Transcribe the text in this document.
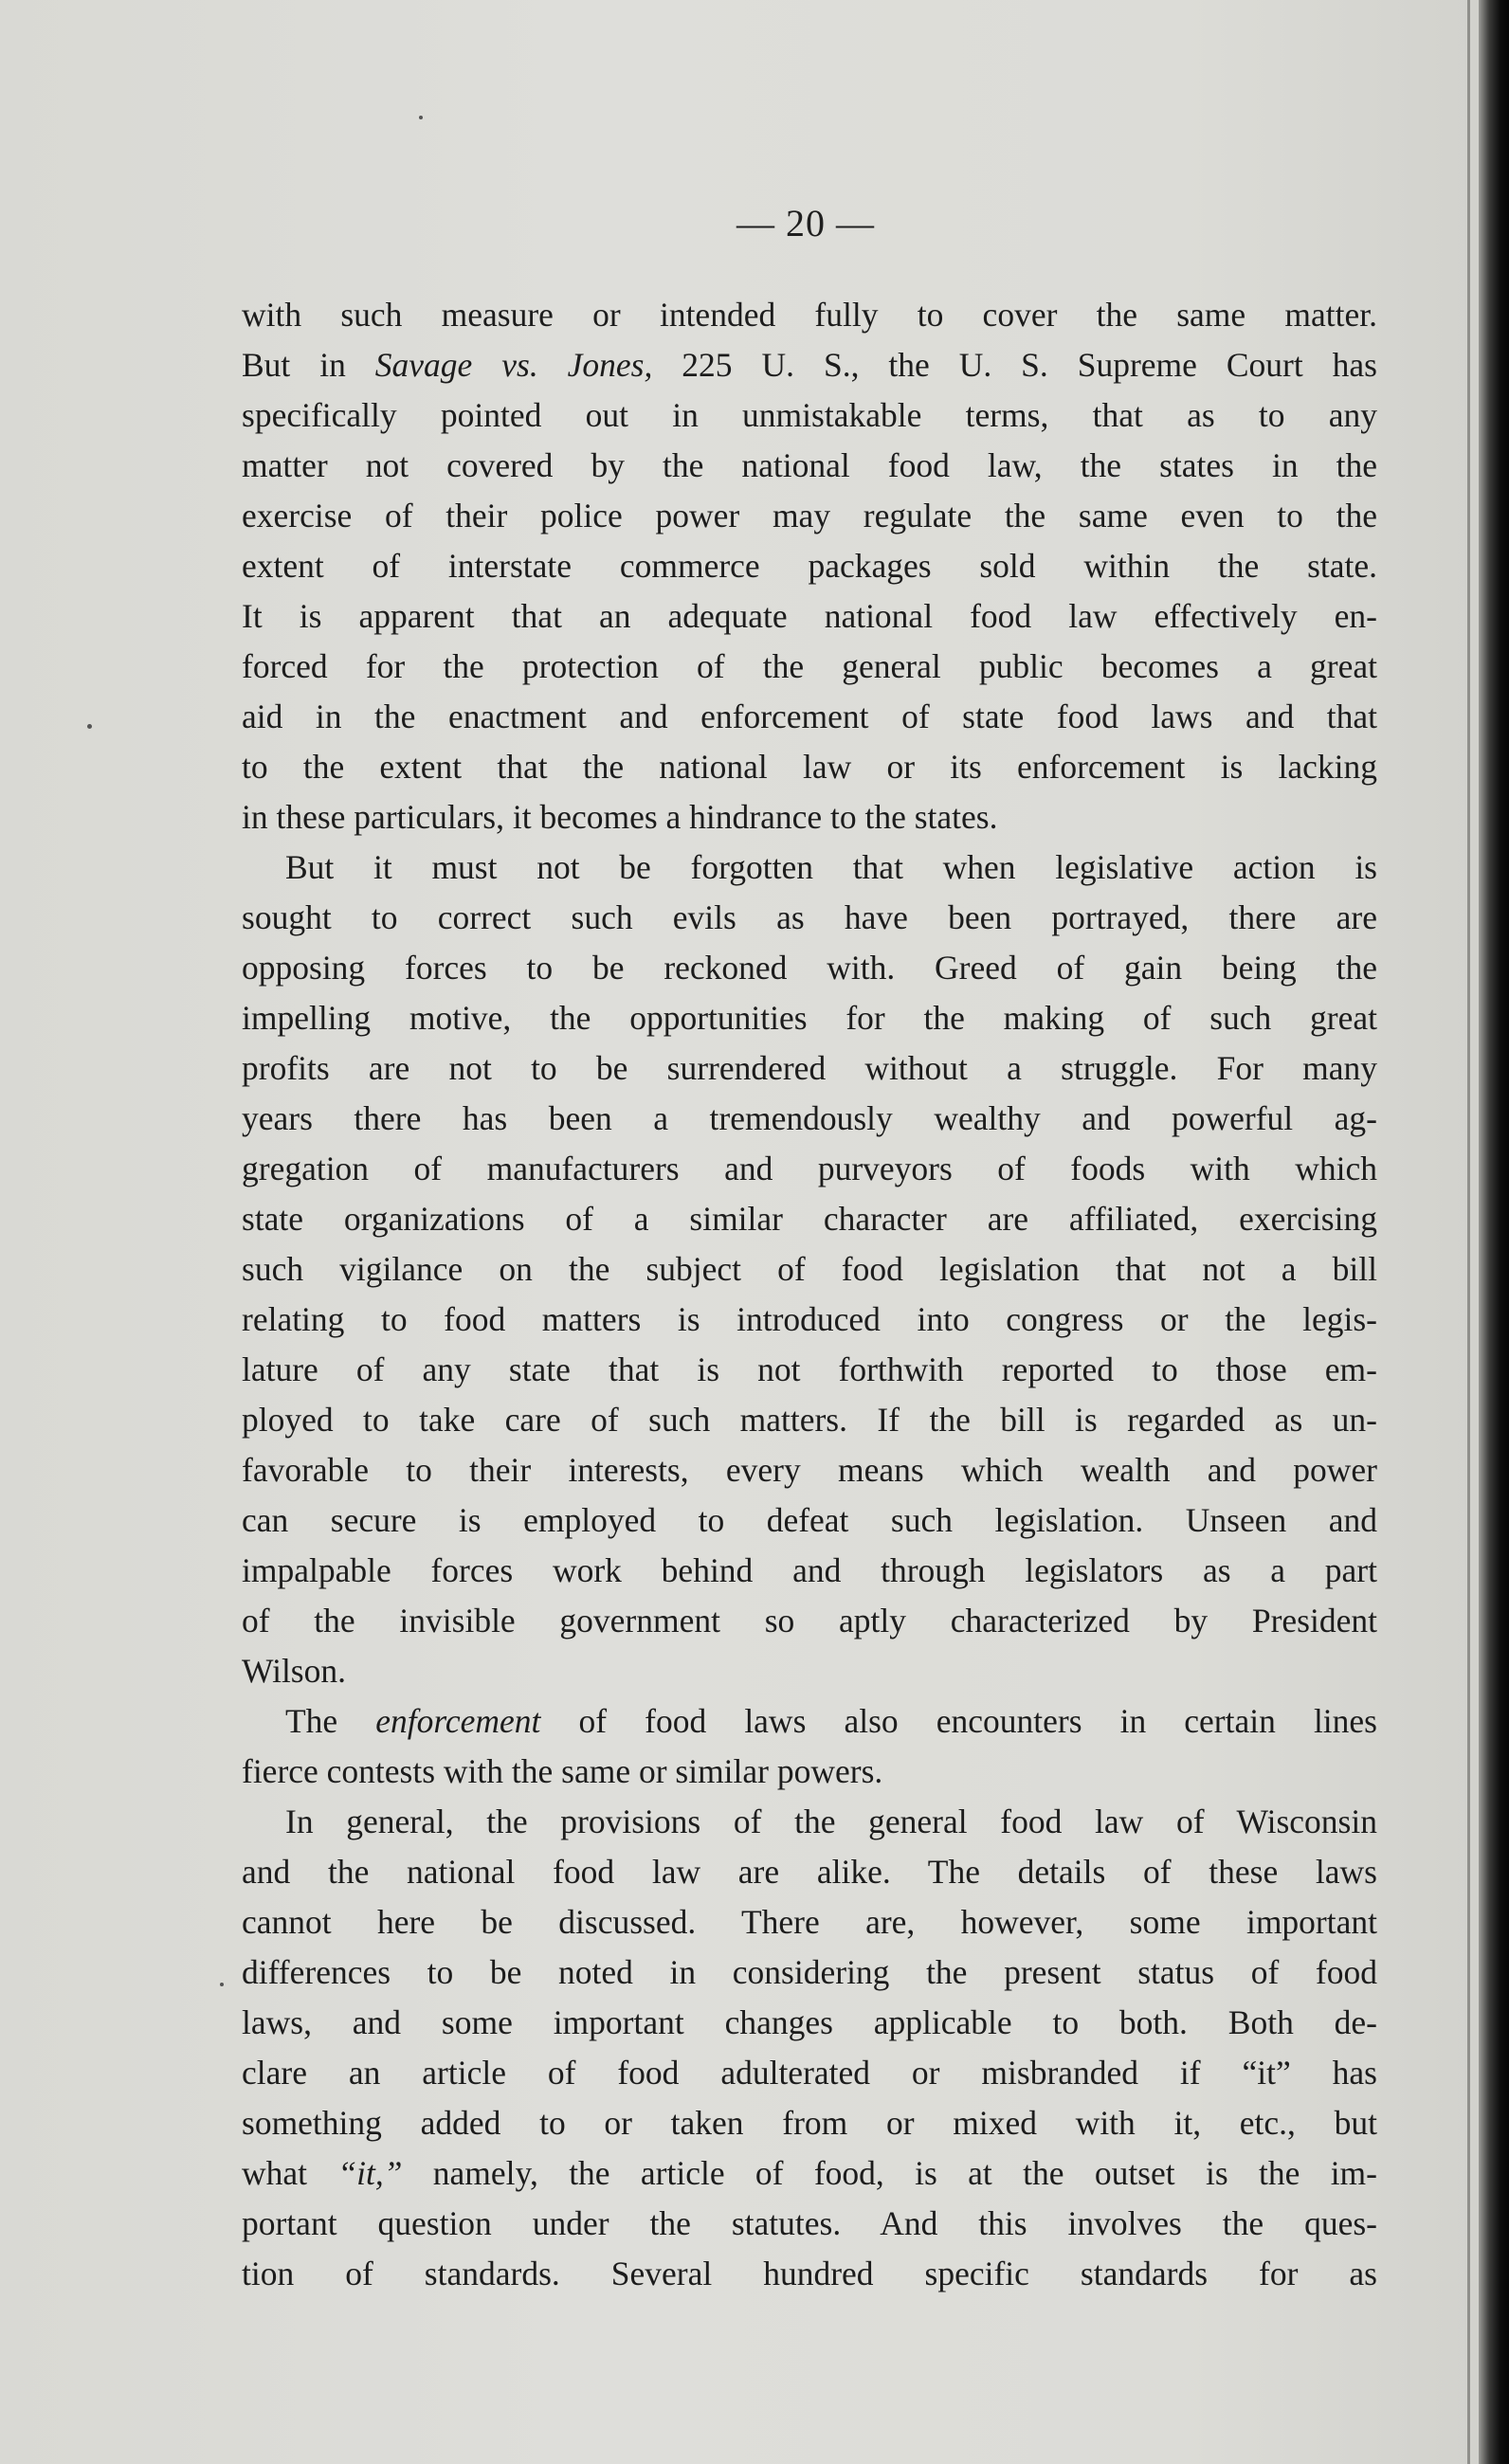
— 20 —
with such measure or intended fully to cover the same matter.
But in Savage vs. Jones, 225 U. S., the U. S. Supreme Court has
specifically pointed out in unmistakable terms, that as to any
matter not covered by the national food law, the states in the
exercise of their police power may regulate the same even to the
extent of interstate commerce packages sold within the state.
It is apparent that an adequate national food law effectively en-
forced for the protection of the general public becomes a great
aid in the enactment and enforcement of state food laws and that
to the extent that the national law or its enforcement is lacking
in these particulars, it becomes a hindrance to the states.
But it must not be forgotten that when legislative action is
sought to correct such evils as have been portrayed, there are
opposing forces to be reckoned with. Greed of gain being the
impelling motive, the opportunities for the making of such great
profits are not to be surrendered without a struggle. For many
years there has been a tremendously wealthy and powerful ag-
gregation of manufacturers and purveyors of foods with which
state organizations of a similar character are affiliated, exercising
such vigilance on the subject of food legislation that not a bill
relating to food matters is introduced into congress or the legis-
lature of any state that is not forthwith reported to those em-
ployed to take care of such matters. If the bill is regarded as un-
favorable to their interests, every means which wealth and power
can secure is employed to defeat such legislation. Unseen and
impalpable forces work behind and through legislators as a part
of the invisible government so aptly characterized by President
Wilson.
The enforcement of food laws also encounters in certain lines
fierce contests with the same or similar powers.
In general, the provisions of the general food law of Wisconsin
and the national food law are alike. The details of these laws
cannot here be discussed. There are, however, some important
differences to be noted in considering the present status of food
laws, and some important changes applicable to both. Both de-
clare an article of food adulterated or misbranded if “it” has
something added to or taken from or mixed with it, etc., but
what “it,” namely, the article of food, is at the outset is the im-
portant question under the statutes. And this involves the ques-
tion of standards. Several hundred specific standards for as
